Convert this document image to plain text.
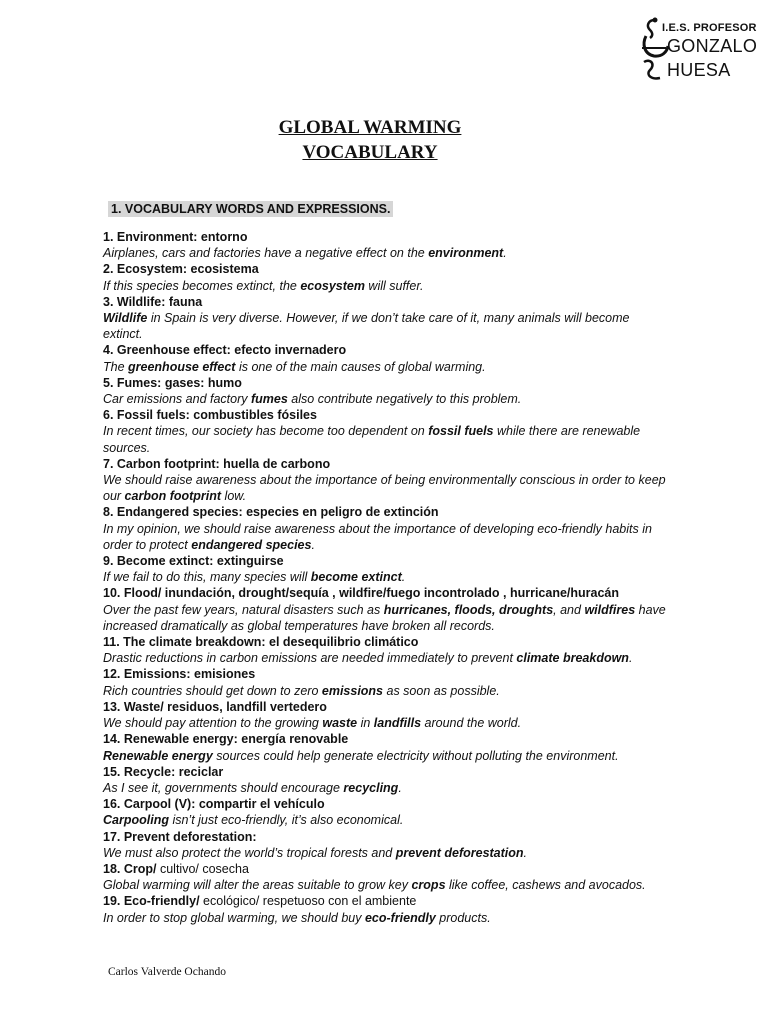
I.E.S. PROFESOR
GONZALO
HUESA
GLOBAL WARMING
VOCABULARY
1. VOCABULARY WORDS AND EXPRESSIONS.
1. Environment: entorno
Airplanes, cars and factories have a negative effect on the environment.
2. Ecosystem: ecosistema
If this species becomes extinct, the ecosystem will suffer.
3. Wildlife: fauna
Wildlife in Spain is very diverse. However, if we don’t take care of it, many animals will become extinct.
4. Greenhouse effect: efecto invernadero
The greenhouse effect is one of the main causes of global warming.
5. Fumes: gases: humo
Car emissions and factory fumes also contribute negatively to this problem.
6. Fossil fuels: combustibles fósiles
In recent times, our society has become too dependent on fossil fuels while there are renewable sources.
7. Carbon footprint: huella de carbono
We should raise awareness about the importance of being environmentally conscious in order to keep our carbon footprint low.
8. Endangered species: especies en peligro de extinción
In my opinion, we should raise awareness about the importance of developing eco-friendly habits in order to protect endangered species.
9. Become extinct: extinguirse
If we fail to do this, many species will become extinct.
10. Flood/ inundación, drought/sequía , wildfire/fuego incontrolado , hurricane/huracán
Over the past few years, natural disasters such as hurricanes, floods, droughts, and wildfires have increased dramatically as global temperatures have broken all records.
11. The climate breakdown: el desequilibrio climático
Drastic reductions in carbon emissions are needed immediately to prevent climate breakdown.
12. Emissions: emisiones
Rich countries should get down to zero emissions as soon as possible.
13. Waste/ residuos, landfill vertedero
We should pay attention to the growing waste in landfills around the world.
14. Renewable energy: energía renovable
Renewable energy sources could help generate electricity without polluting the environment.
15. Recycle: reciclar
As I see it, governments should encourage recycling.
16. Carpool (V): compartir el vehículo
Carpooling isn’t just eco-friendly, it’s also economical.
17. Prevent deforestation:
We must also protect the world’s tropical forests and prevent deforestation.
18. Crop/ cultivo/ cosecha
Global warming will alter the areas suitable to grow key crops like coffee, cashews and avocados.
19. Eco-friendly/ ecológico/ respetuoso con el ambiente
In order to stop global warming, we should buy eco-friendly products.
Carlos Valverde Ochando
